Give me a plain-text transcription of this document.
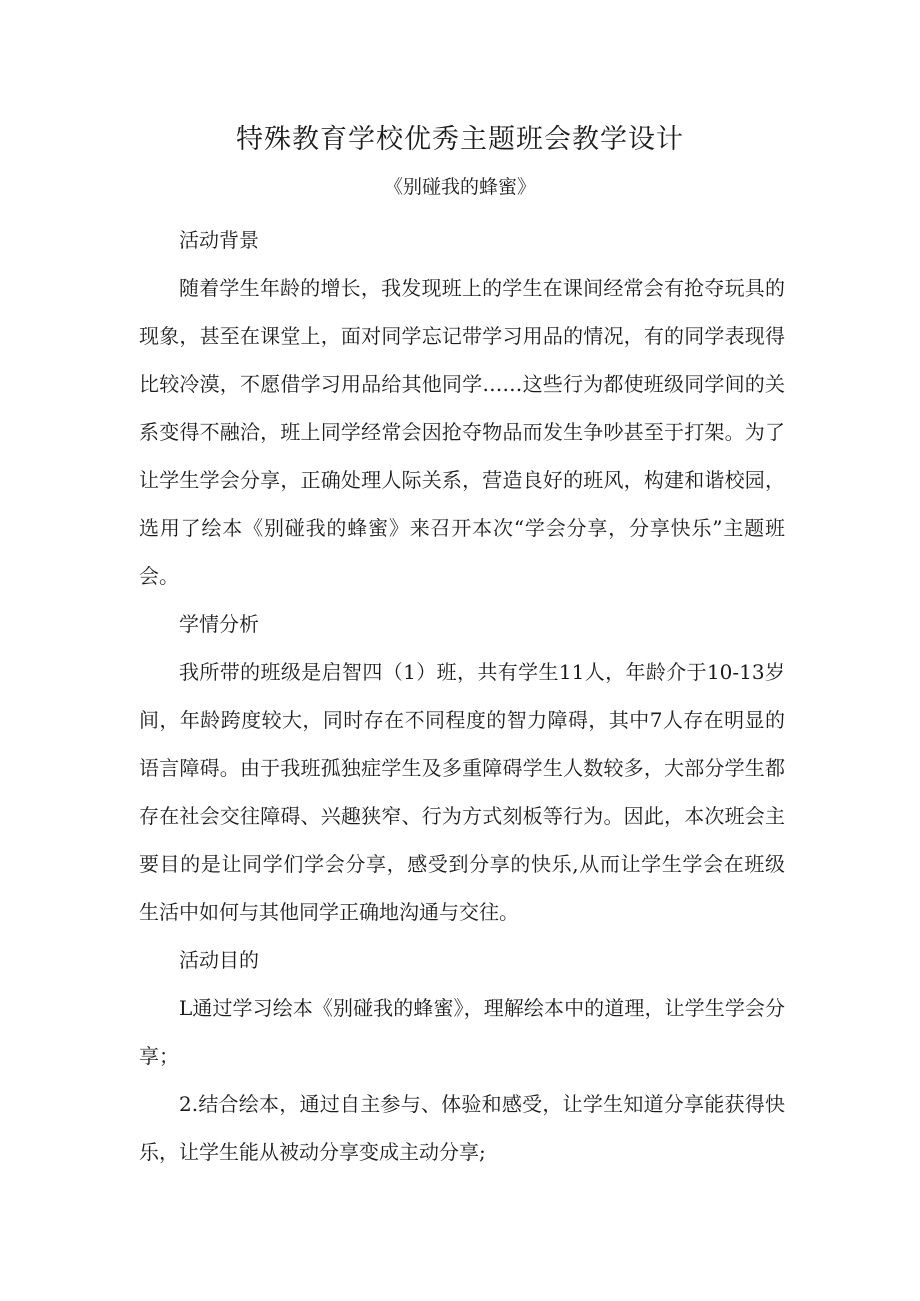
特殊教育学校优秀主题班会教学设计
《别碰我的蜂蜜》

活动背景

随着学生年龄的增长，我发现班上的学生在课间经常会有抢夺玩具的现象，甚至在课堂上，面对同学忘记带学习用品的情况，有的同学表现得比较冷漠，不愿借学习用品给其他同学……这些行为都使班级同学间的关系变得不融洽，班上同学经常会因抢夺物品而发生争吵甚至于打架。为了让学生学会分享，正确处理人际关系，营造良好的班风，构建和谐校园，选用了绘本《别碰我的蜂蜜》来召开本次“学会分享，分享快乐”主题班会。

学情分析

我所带的班级是启智四（1）班，共有学生11人，年龄介于10-13岁间，年龄跨度较大，同时存在不同程度的智力障碍，其中7人存在明显的语言障碍。由于我班孤独症学生及多重障碍学生人数较多，大部分学生都存在社会交往障碍、兴趣狭窄、行为方式刻板等行为。因此，本次班会主要目的是让同学们学会分享，感受到分享的快乐,从而让学生学会在班级生活中如何与其他同学正确地沟通与交往。

活动目的

L通过学习绘本《别碰我的蜂蜜》，理解绘本中的道理，让学生学会分享；

2.结合绘本，通过自主参与、体验和感受，让学生知道分享能获得快乐，让学生能从被动分享变成主动分享;
